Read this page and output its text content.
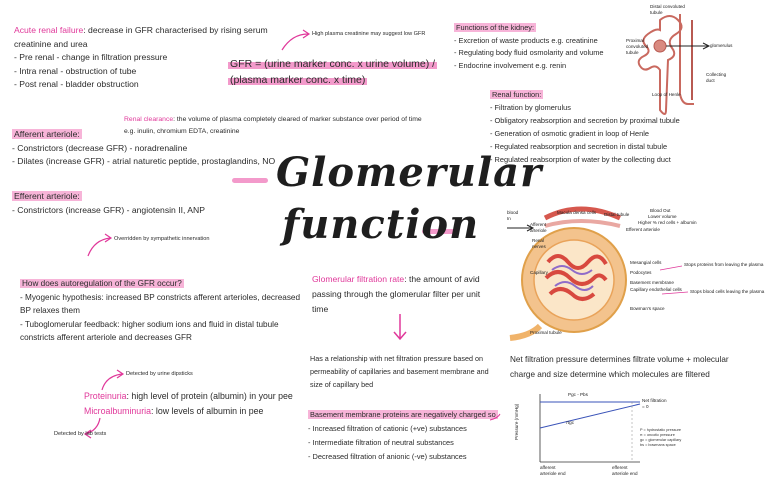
Glomerular
function
Acute renal failure: decrease in GFR characterised by rising serum
creatinine and urea
- Pre renal - change in filtration pressure
- Intra renal - obstruction of tube
- Post renal - bladder obstruction
High plasma creatinine may suggest low GFR
GFR = (urine marker conc. x urine volume) /
(plasma marker conc. x time)
Functions of the kidney:
- Excretion of waste products e.g. creatinine
- Regulating body fluid osmolarity and volume
- Endocrine involvement e.g. renin
Distal convoluted tubule
Proximal convoluted tubule
glomerulus
Collecting duct
Loop of Henle
Renal function:
- Filtration by glomerulus
- Obligatory reabsorption and secretion by proximal tubule
- Generation of osmotic gradient in loop of Henle
- Regulated reabsorption and secretion in distal tubule
- Regulated reabsorption of water by the collecting duct
Renal clearance: the volume of plasma completely cleared of marker substance over period of time
e.g. inulin, chromium EDTA, creatinine
Afferent arteriole:
- Constrictors (decrease GFR) - noradrenaline
- Dilates (increase GFR) - atrial naturetic peptide, prostaglandins, NO
Efferent arteriole:
- Constrictors (increase GFR) - angiotensin II, ANP
Overridden by sympathetic innervation
How does autoregulation of the GFR occur?
- Myogenic hypothesis: increased BP constricts afferent arterioles, decreased
BP relaxes them
- Tuboglomerular feedback: higher sodium ions and fluid in distal tubule
constricts afferent arteriole and decreases GFR
Detected by urine dipsticks
Proteinuria: high level of protein (albumin) in your pee
Microalbuminuria: low levels of albumin in pee
Detected by lab tests
Glomerular filtration rate: the amount of avid
passing through the glomerular filter per unit
time
Has a relationship with net filtration pressure based on
permeability of capillaries and basement membrane and
size of capillary bed
Basement membrane proteins are negatively charged so
- Increased filtration of cationic (+ve) substances
- Intermediate filtration of neutral substances
- Decreased filtration of anionic (-ve) substances
blood In
Macula densa cells Distal tubule
Blood Out
Lower volume
Higher % red cells + albumin
Afferent arteriole	Efferent arteriole
Renal nerves
Mesangial cells
Podocytes
Basement membrane
Capillary endothelial cells
Capillary
Bowman's space
Proximal tubule
Stops proteins from leaving the plasma
Stops blood cells leaving the plasma
Net filtration pressure determines filtrate volume + molecular
charge and size determine which molecules are filtered
Pressure (mmHg)
Pgc - Pbs
πgc
Net filtration = 0
afferent arteriole end
efferent arteriole end
P = hydrostatic pressure
π = oncotic pressure
gc = glomerular capillary
bs = bowmans space
